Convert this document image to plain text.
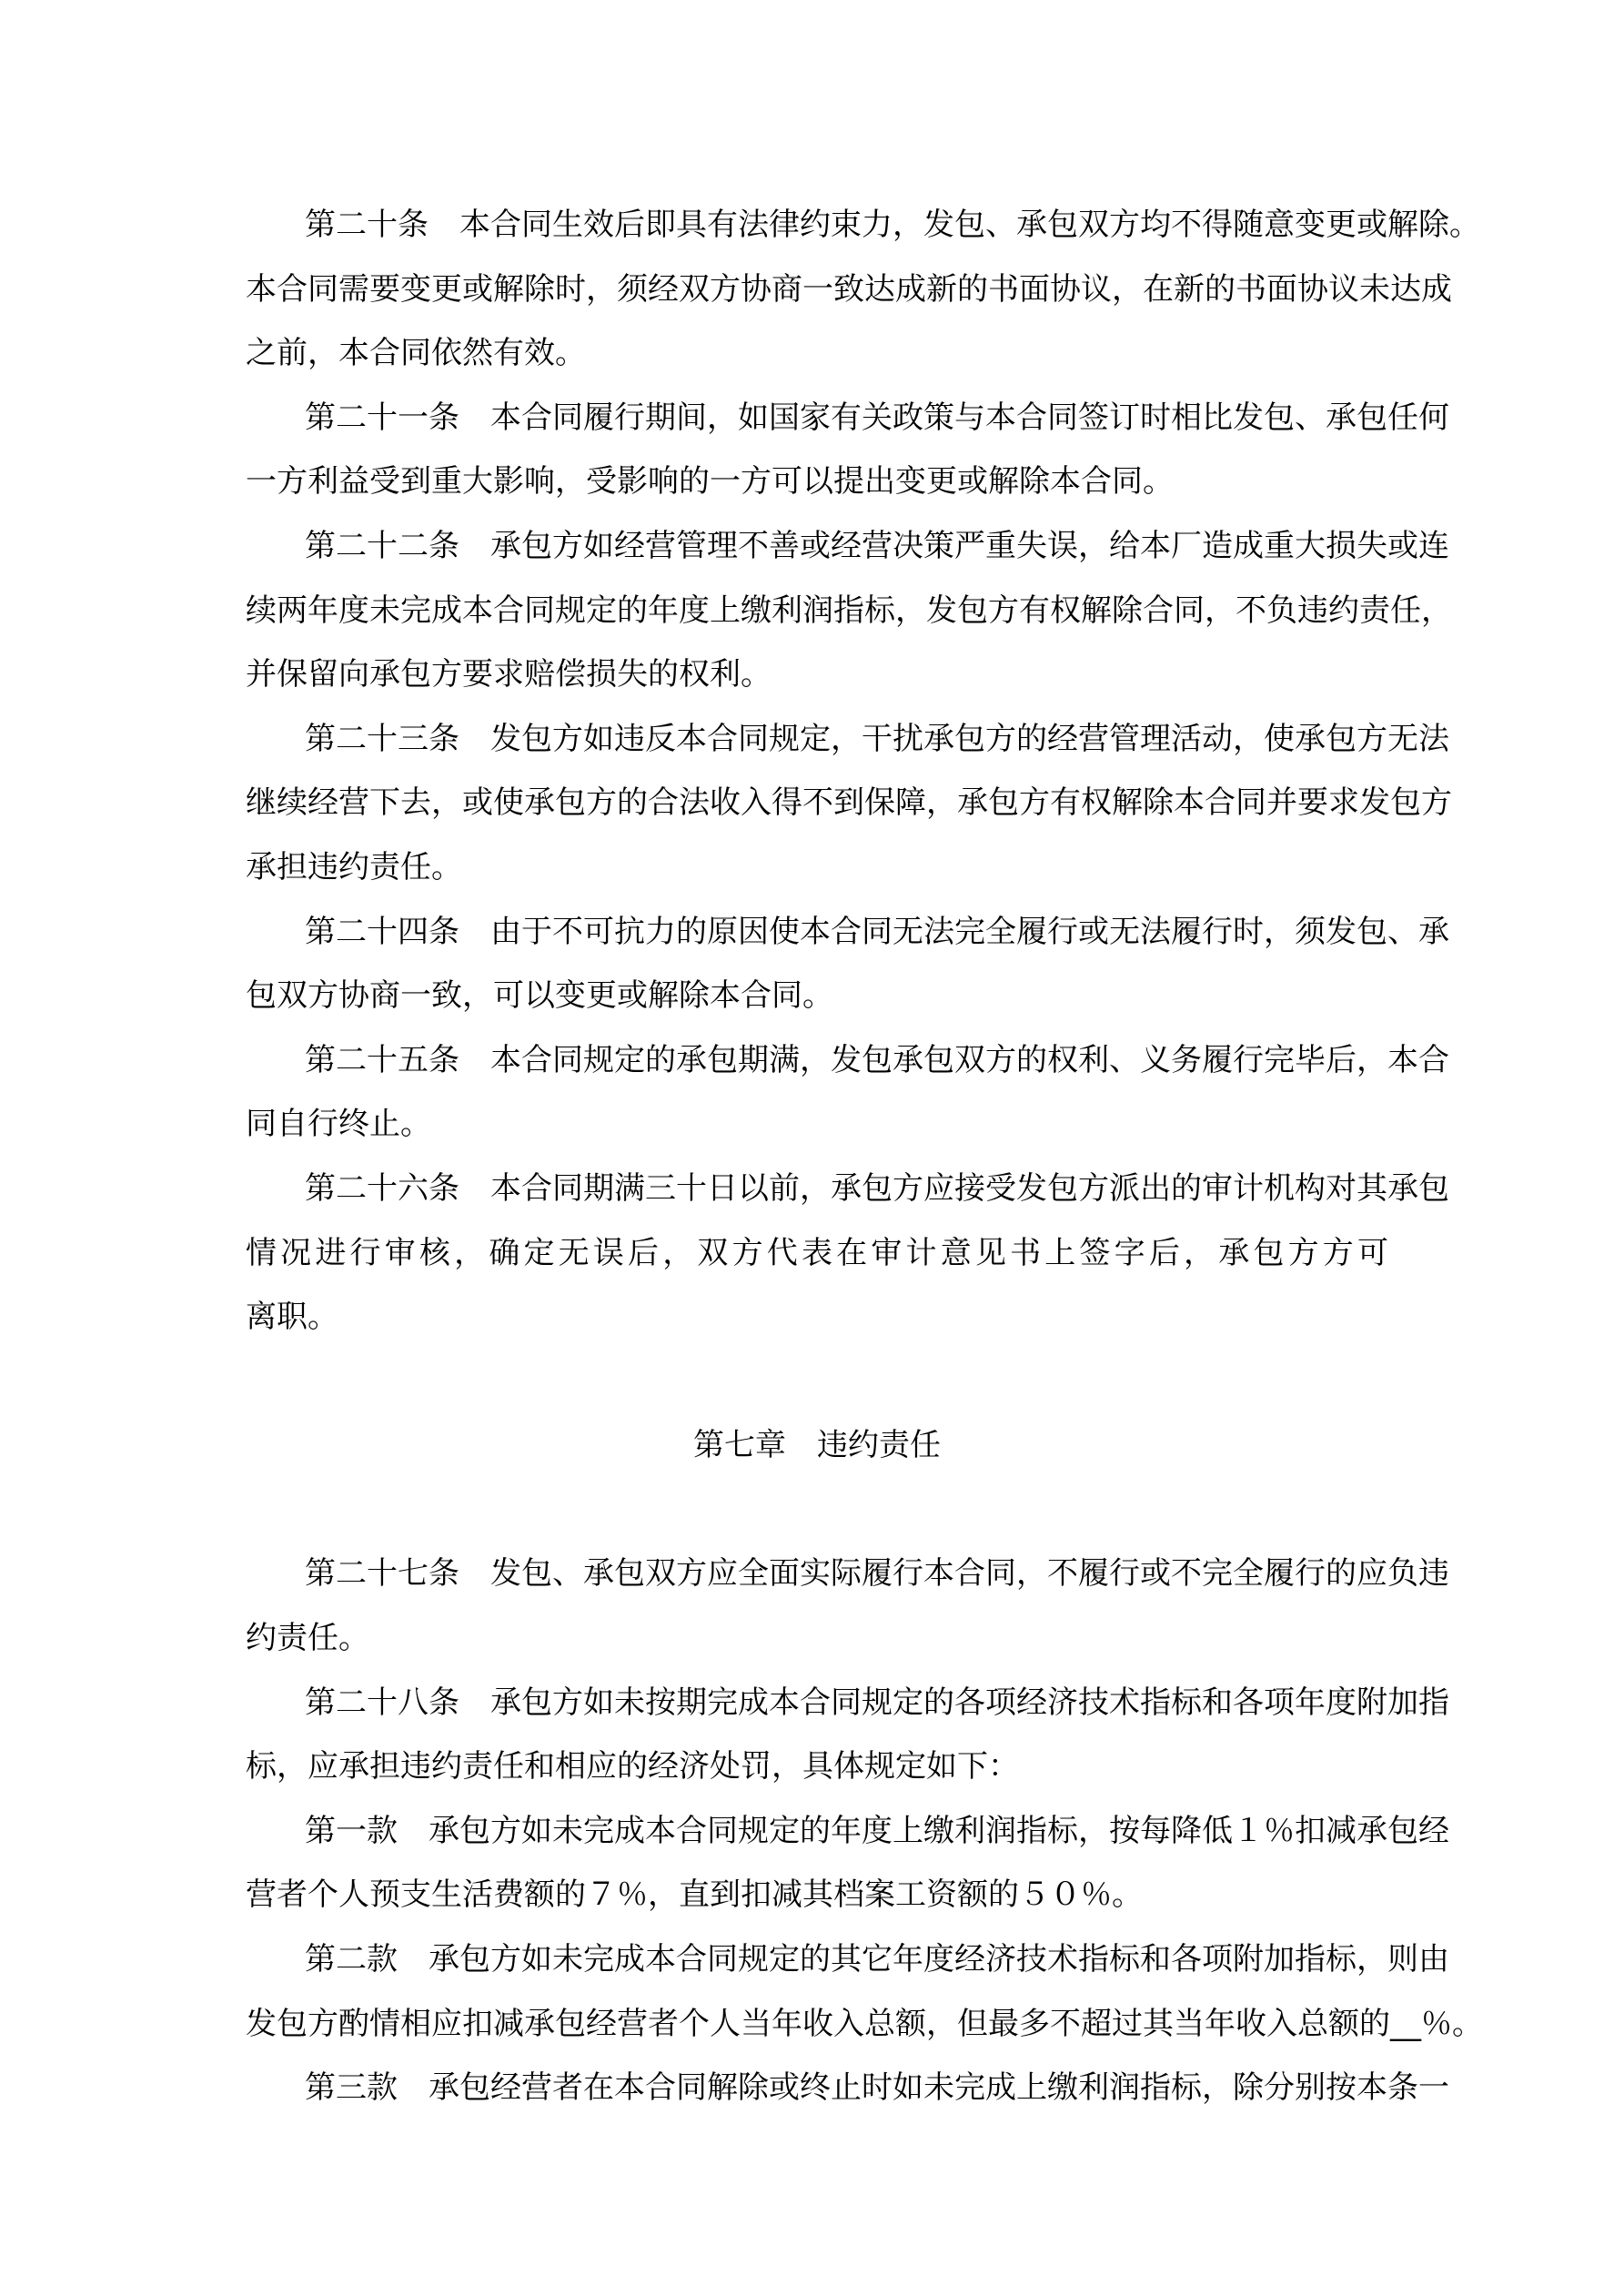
第二十条　本合同生效后即具有法律约束力，发包、承包双方均不得随意变更或解除。
本合同需要变更或解除时，须经双方协商一致达成新的书面协议，在新的书面协议未达成
之前，本合同依然有效。
第二十一条　本合同履行期间，如国家有关政策与本合同签订时相比发包、承包任何
一方利益受到重大影响，受影响的一方可以提出变更或解除本合同。
第二十二条　承包方如经营管理不善或经营决策严重失误，给本厂造成重大损失或连
续两年度未完成本合同规定的年度上缴利润指标，发包方有权解除合同，不负违约责任，
并保留向承包方要求赔偿损失的权利。
第二十三条　发包方如违反本合同规定，干扰承包方的经营管理活动，使承包方无法
继续经营下去，或使承包方的合法收入得不到保障，承包方有权解除本合同并要求发包方
承担违约责任。
第二十四条　由于不可抗力的原因使本合同无法完全履行或无法履行时，须发包、承
包双方协商一致，可以变更或解除本合同。
第二十五条　本合同规定的承包期满，发包承包双方的权利、义务履行完毕后，本合
同自行终止。
第二十六条　本合同期满三十日以前，承包方应接受发包方派出的审计机构对其承包
情况进行审核，确定无误后，双方代表在审计意见书上签字后，承包方方可
离职。
第七章　违约责任
第二十七条　发包、承包双方应全面实际履行本合同，不履行或不完全履行的应负违
约责任。
第二十八条　承包方如未按期完成本合同规定的各项经济技术指标和各项年度附加指
标，应承担违约责任和相应的经济处罚，具体规定如下：
第一款　承包方如未完成本合同规定的年度上缴利润指标，按每降低１％扣减承包经
营者个人预支生活费额的７％，直到扣减其档案工资额的５０％。
第二款　承包方如未完成本合同规定的其它年度经济技术指标和各项附加指标，则由
发包方酌情相应扣减承包经营者个人当年收入总额，但最多不超过其当年收入总额的__％。
第三款　承包经营者在本合同解除或终止时如未完成上缴利润指标，除分别按本条一
